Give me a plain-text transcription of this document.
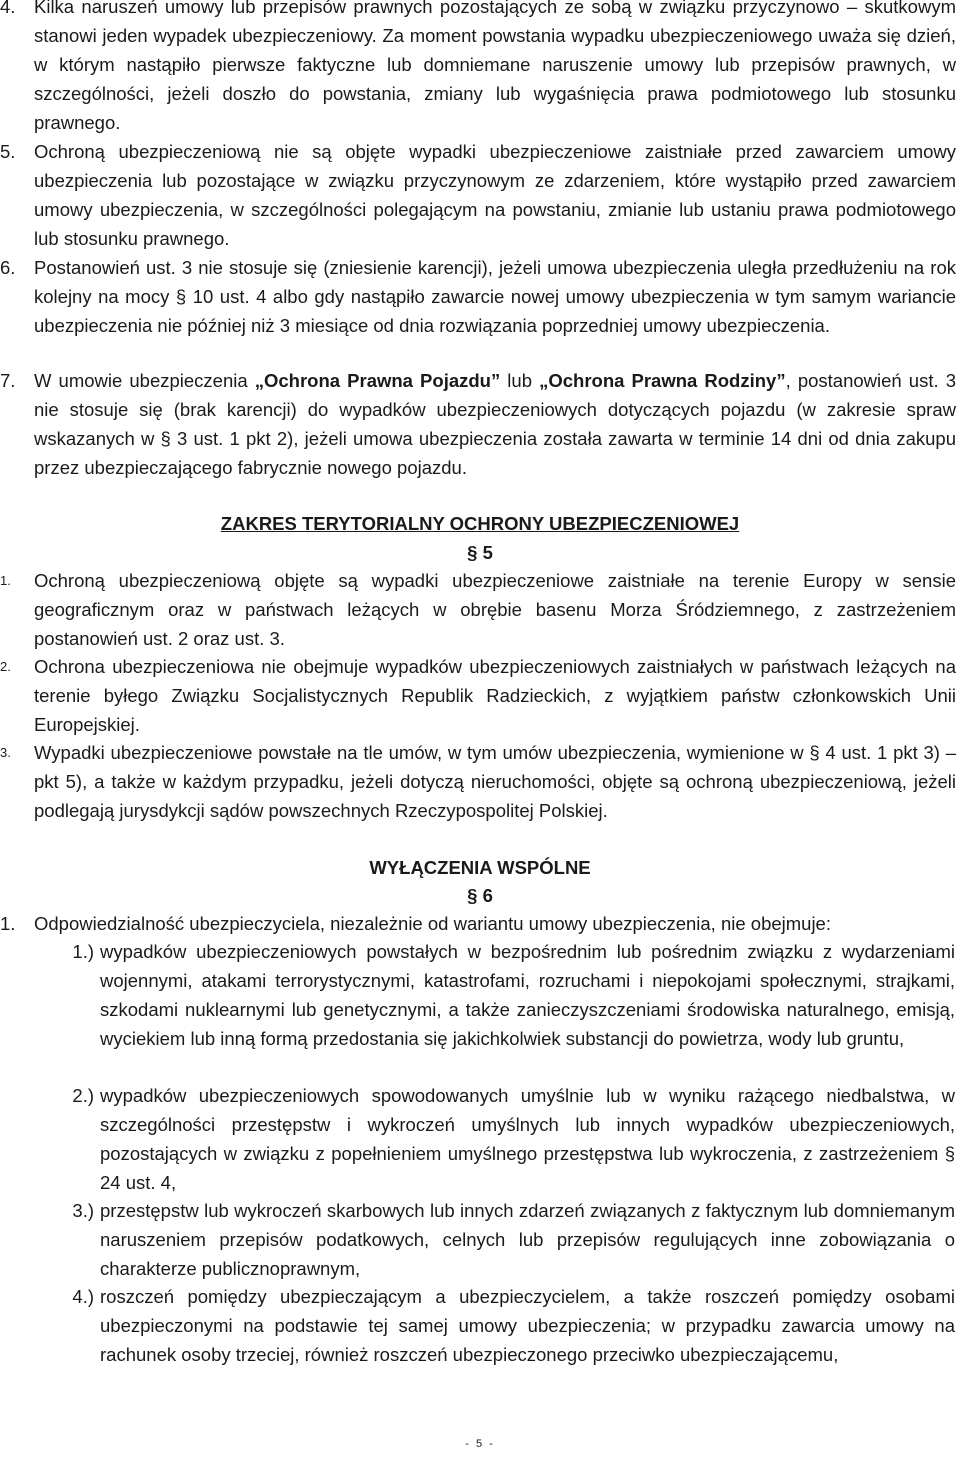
4.	Kilka naruszeń umowy lub przepisów prawnych pozostających ze sobą w związku przyczynowo – skutkowym stanowi jeden wypadek ubezpieczeniowy. Za moment powstania wypadku ubezpieczeniowego uważa się dzień, w którym nastąpiło pierwsze faktyczne lub domniemane naruszenie umowy lub przepisów prawnych, w szczególności, jeżeli doszło do powstania, zmiany lub wygaśnięcia prawa podmiotowego lub stosunku prawnego.
5.	Ochroną ubezpieczeniową nie są objęte wypadki ubezpieczeniowe zaistniałe przed zawarciem umowy ubezpieczenia lub pozostające w związku przyczynowym ze zdarzeniem, które wystąpiło przed zawarciem umowy ubezpieczenia, w szczególności polegającym na powstaniu, zmianie lub ustaniu prawa podmiotowego lub stosunku prawnego.
6.	Postanowień ust. 3 nie stosuje się (zniesienie karencji), jeżeli umowa ubezpieczenia uległa przedłużeniu na rok kolejny na mocy § 10 ust. 4 albo gdy nastąpiło zawarcie nowej umowy ubezpieczenia w tym samym wariancie ubezpieczenia nie później niż 3 miesiące od dnia rozwiązania poprzedniej umowy ubezpieczenia.
7.	W umowie ubezpieczenia „Ochrona Prawna Pojazdu” lub „Ochrona Prawna Rodziny”, postanowień ust. 3 nie stosuje się (brak karencji) do wypadków ubezpieczeniowych dotyczących pojazdu (w zakresie spraw wskazanych w § 3 ust. 1 pkt 2), jeżeli umowa ubezpieczenia została zawarta w terminie 14 dni od dnia zakupu przez ubezpieczającego fabrycznie nowego pojazdu.
ZAKRES TERYTORIALNY OCHRONY UBEZPIECZENIOWEJ
§ 5
1.	Ochroną ubezpieczeniową objęte są wypadki ubezpieczeniowe zaistniałe na terenie Europy w sensie geograficznym oraz w państwach leżących w obrębie basenu Morza Śródziemnego, z zastrzeżeniem postanowień ust. 2 oraz ust. 3.
2.	Ochrona ubezpieczeniowa nie obejmuje wypadków ubezpieczeniowych zaistniałych w państwach leżących na terenie byłego Związku Socjalistycznych Republik Radzieckich, z wyjątkiem państw członkowskich Unii Europejskiej.
3.	Wypadki ubezpieczeniowe powstałe na tle umów, w tym umów ubezpieczenia, wymienione w § 4 ust. 1 pkt 3) – pkt 5), a także w każdym przypadku, jeżeli dotyczą nieruchomości, objęte są ochroną ubezpieczeniową, jeżeli podlegają jurysdykcji sądów powszechnych Rzeczypospolitej Polskiej.
WYŁĄCZENIA WSPÓLNE
§ 6
1.	Odpowiedzialność ubezpieczyciela, niezależnie od wariantu umowy ubezpieczenia, nie obejmuje:
1.) wypadków ubezpieczeniowych powstałych w bezpośrednim lub pośrednim związku z wydarzeniami wojennymi, atakami terrorystycznymi, katastrofami, rozruchami i niepokojami społecznymi, strajkami, szkodami nuklearnymi lub genetycznymi, a także zanieczyszczeniami środowiska naturalnego, emisją, wyciekiem lub inną formą przedostania się jakichkolwiek substancji do powietrza, wody lub gruntu,
2.) wypadków ubezpieczeniowych spowodowanych umyślnie lub w wyniku rażącego niedbalstwa, w szczególności przestępstw i wykroczeń umyślnych lub innych wypadków ubezpieczeniowych, pozostających w związku z popełnieniem umyślnego przestępstwa lub wykroczenia, z zastrzeżeniem § 24 ust. 4,
3.) przestępstw lub wykroczeń skarbowych lub innych zdarzeń związanych z faktycznym lub domniemanym naruszeniem przepisów podatkowych, celnych lub przepisów regulujących inne zobowiązania o charakterze publicznoprawnym,
4.) roszczeń pomiędzy ubezpieczającym a ubezpieczycielem, a także roszczeń pomiędzy osobami ubezpieczonymi na podstawie tej samej umowy ubezpieczenia; w przypadku zawarcia umowy na rachunek osoby trzeciej, również roszczeń ubezpieczonego przeciwko ubezpieczającemu,
- 5 -
